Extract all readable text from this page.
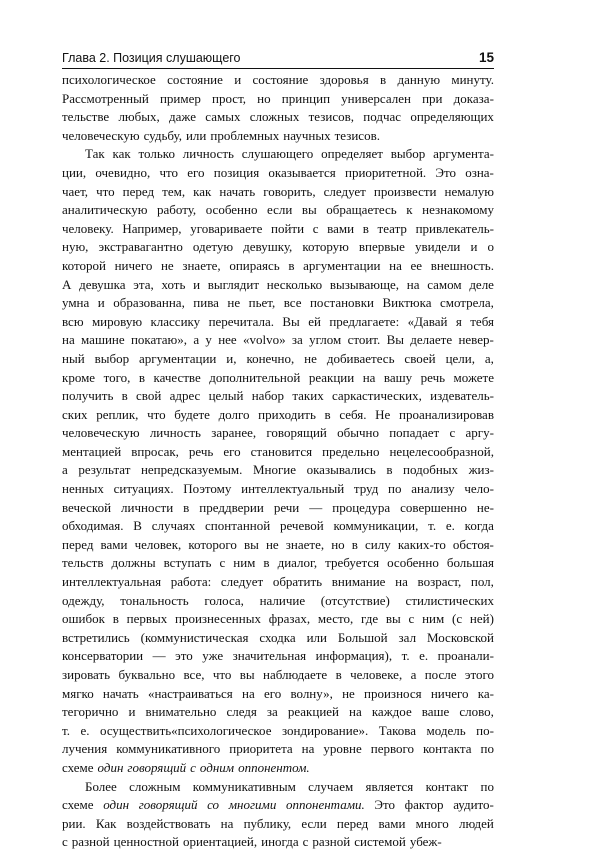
Глава 2. Позиция слушающего	15
психологическое состояние и состояние здоровья в данную минуту.
Рассмотренный пример прост, но принцип универсален при доказа-
тельстве любых, даже самых сложных тезисов, подчас определяющих
человеческую судьбу, или проблемных научных тезисов.
Так как только личность слушающего определяет выбор аргумента-
ции, очевидно, что его позиция оказывается приоритетной. Это озна-
чает, что перед тем, как начать говорить, следует произвести немалую
аналитическую работу, особенно если вы обращаетесь к незнакомому
человеку. Например, уговариваете пойти с вами в театр привлекатель-
ную, экстравагантно одетую девушку, которую впервые увидели и о
которой ничего не знаете, опираясь в аргументации на ее внешность.
А девушка эта, хоть и выглядит несколько вызывающе, на самом деле
умна и образованна, пива не пьет, все постановки Виктюка смотрела,
всю мировую классику перечитала. Вы ей предлагаете: «Давай я тебя
на машине покатаю», а у нее «volvo» за углом стоит. Вы делаете невер-
ный выбор аргументации и, конечно, не добиваетесь своей цели, а,
кроме того, в качестве дополнительной реакции на вашу речь можете
получить в свой адрес целый набор таких саркастических, издеватель-
ских реплик, что будете долго приходить в себя. Не проанализировав
человеческую личность заранее, говорящий обычно попадает с аргу-
ментацией впросак, речь его становится предельно нецелесообразной,
а результат непредсказуемым. Многие оказывались в подобных жиз-
ненных ситуациях. Поэтому интеллектуальный труд по анализу чело-
веческой личности в преддверии речи — процедура совершенно не-
обходимая. В случаях спонтанной речевой коммуникации, т. е. когда
перед вами человек, которого вы не знаете, но в силу каких-то обстоя-
тельств должны вступать с ним в диалог, требуется особенно большая
интеллектуальная работа: следует обратить внимание на возраст, пол,
одежду, тональность голоса, наличие (отсутствие) стилистических
ошибок в первых произнесенных фразах, место, где вы с ним (с ней)
встретились (коммунистическая сходка или Большой зал Московской
консерватории — это уже значительная информация), т. е. проанали-
зировать буквально все, что вы наблюдаете в человеке, а после этого
мягко начать «настраиваться на его волну», не произнося ничего ка-
тегорично и внимательно следя за реакцией на каждое ваше слово,
т. е. осуществить«психологическое зондирование». Такова модель по-
лучения коммуникативного приоритета на уровне первого контакта по
схеме один говорящий с одним оппонентом.
Более сложным коммуникативным случаем является контакт по
схеме один говорящий со многими оппонентами. Это фактор аудито-
рии. Как воздействовать на публику, если перед вами много людей
с разной ценностной ориентацией, иногда с разной системой убеж-
